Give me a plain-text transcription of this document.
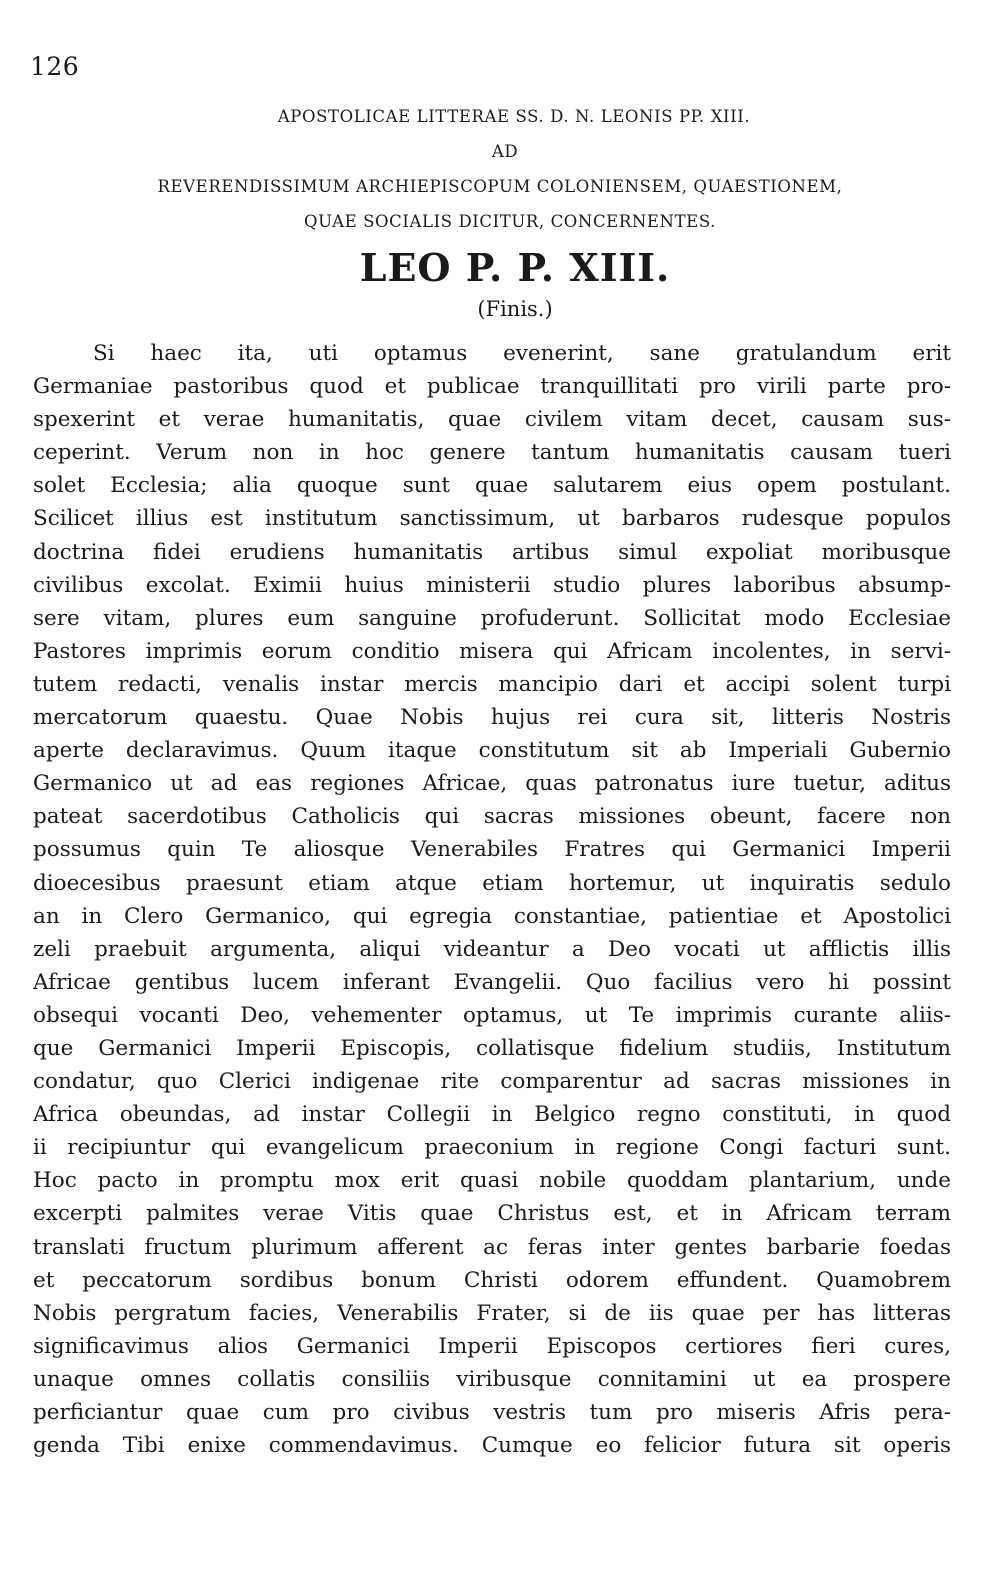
126
APOSTOLICAE LITTERAE SS. D. N. LEONIS PP. XIII.
AD
REVERENDISSIMUM ARCHIEPISCOPUM COLONIENSEM, QUAESTIONEM,
QUAE SOCIALIS DICITUR, CONCERNENTES.
LEO P. P. XIII.
(Finis.)
Si haec ita, uti optamus evenerint, sane gratulandum erit
Germaniae pastoribus quod et publicae tranquillitati pro virili parte pro-
spexerint et verae humanitatis, quae civilem vitam decet, causam sus-
ceperint. Verum non in hoc genere tantum humanitatis causam tueri
solet Ecclesia; alia quoque sunt quae salutarem eius opem postulant.
Scilicet illius est institutum sanctissimum, ut barbaros rudesque populos
doctrina fidei erudiens humanitatis artibus simul expoliat moribusque
civilibus excolat. Eximii huius ministerii studio plures laboribus absump-
sere vitam, plures eum sanguine profuderunt. Sollicitat modo Ecclesiae
Pastores imprimis eorum conditio misera qui Africam incolentes, in servi-
tutem redacti, venalis instar mercis mancipio dari et accipi solent turpi
mercatorum quaestu. Quae Nobis hujus rei cura sit, litteris Nostris
aperte declaravimus. Quum itaque constitutum sit ab Imperiali Gubernio
Germanico ut ad eas regiones Africae, quas patronatus iure tuetur, aditus
pateat sacerdotibus Catholicis qui sacras missiones obeunt, facere non
possumus quin Te aliosque Venerabiles Fratres qui Germanici Imperii
dioecesibus praesunt etiam atque etiam hortemur, ut inquiratis sedulo
an in Clero Germanico, qui egregia constantiae, patientiae et Apostolici
zeli praebuit argumenta, aliqui videantur a Deo vocati ut afflictis illis
Africae gentibus lucem inferant Evangelii. Quo facilius vero hi possint
obsequi vocanti Deo, vehementer optamus, ut Te imprimis curante aliis-
que Germanici Imperii Episcopis, collatisque fidelium studiis, Institutum
condatur, quo Clerici indigenae rite comparentur ad sacras missiones in
Africa obeundas, ad instar Collegii in Belgico regno constituti, in quod
ii recipiuntur qui evangelicum praeconium in regione Congi facturi sunt.
Hoc pacto in promptu mox erit quasi nobile quoddam plantarium, unde
excerpti palmites verae Vitis quae Christus est, et in Africam terram
translati fructum plurimum afferent ac feras inter gentes barbarie foedas
et peccatorum sordibus bonum Christi odorem effundent. Quamobrem
Nobis pergratum facies, Venerabilis Frater, si de iis quae per has litteras
significavimus alios Germanici Imperii Episcopos certiores fieri cures,
unaque omnes collatis consiliis viribusque connitamini ut ea prospere
perficiantur quae cum pro civibus vestris tum pro miseris Afris pera-
genda Tibi enixe commendavimus. Cumque eo felicior futura sit operis
